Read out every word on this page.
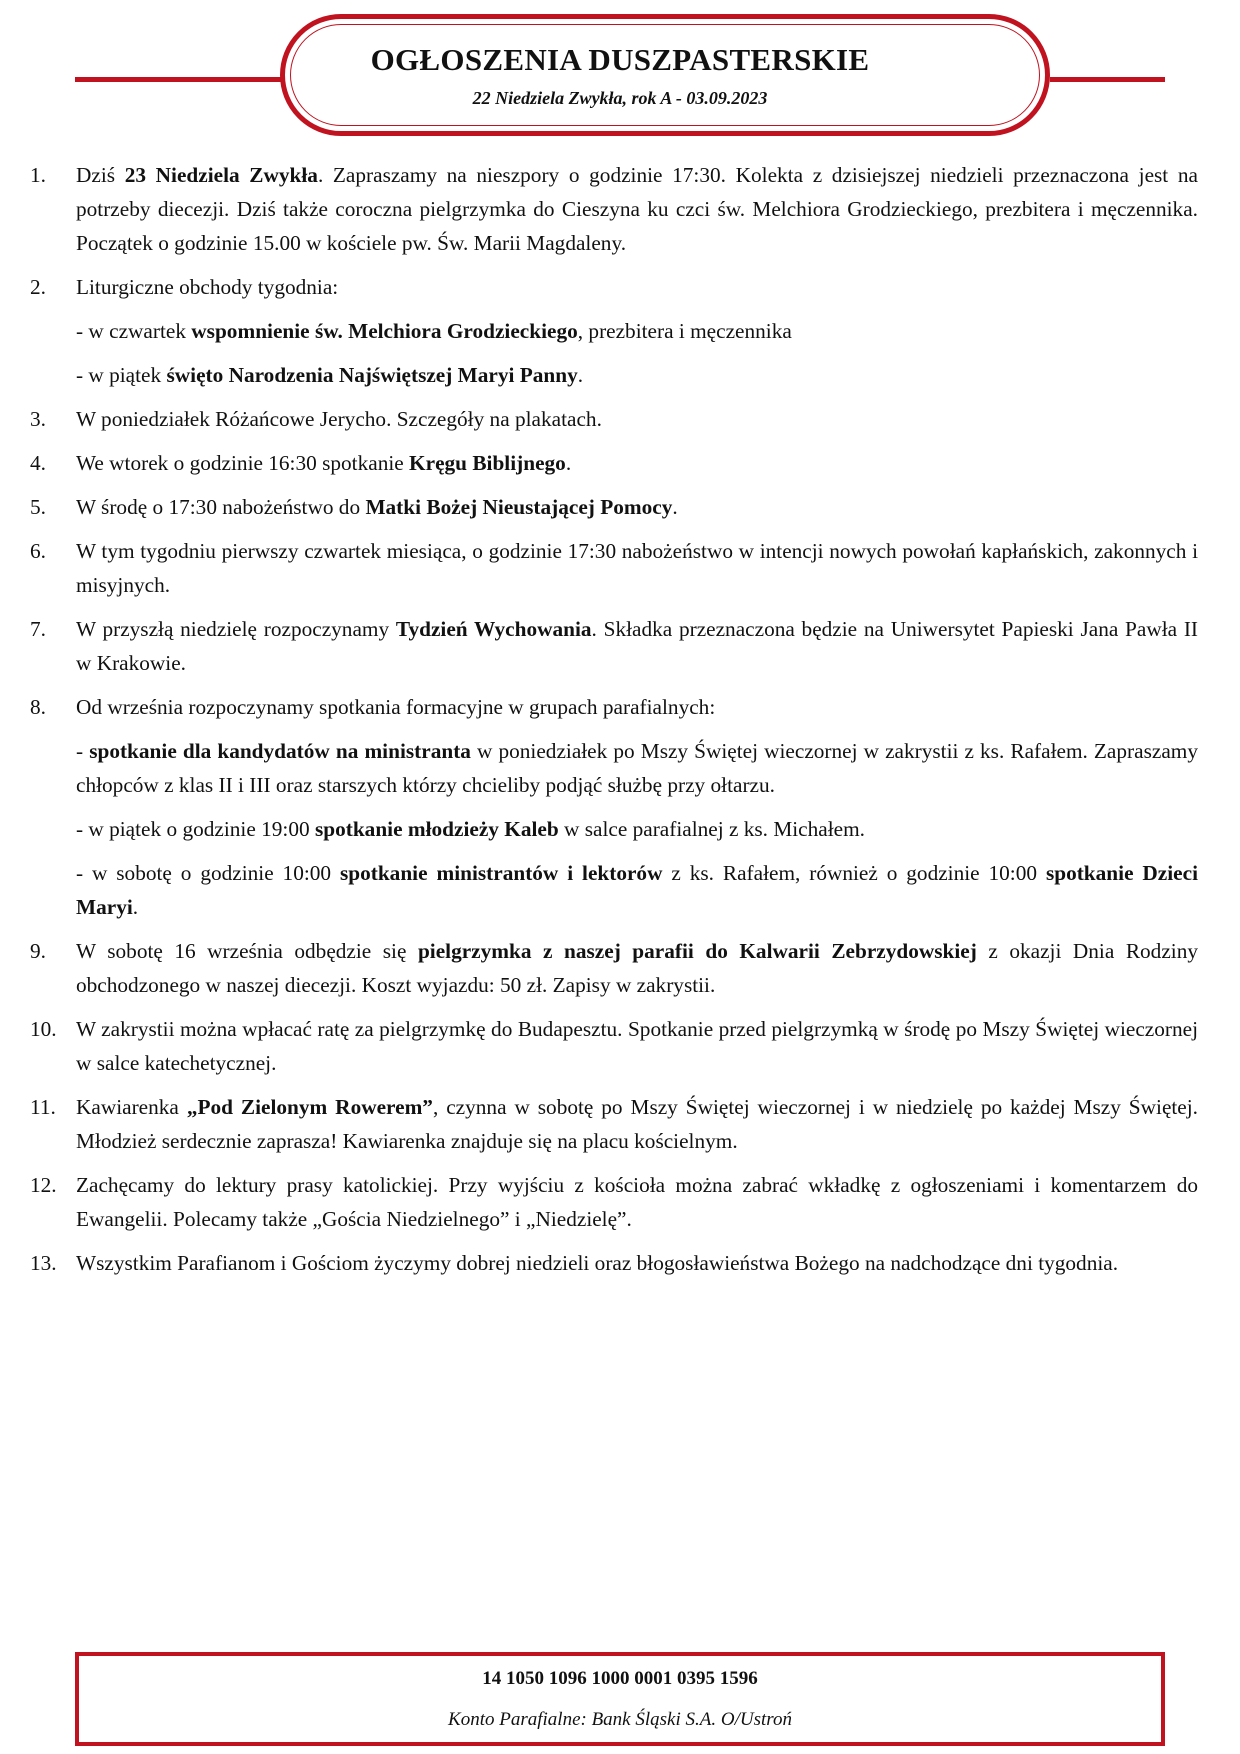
OGŁOSZENIA DUSZPASTERSKIE
22 Niedziela Zwykła, rok A - 03.09.2023
1.	Dziś 23 Niedziela Zwykła. Zapraszamy na nieszpory o godzinie 17:30. Kolekta z dzisiejszej niedzieli przeznaczona jest na potrzeby diecezji. Dziś także coroczna pielgrzymka do Cieszyna ku czci św. Melchiora Grodzieckiego, prezbitera i męczennika. Początek o godzinie 15.00 w kościele pw. Św. Marii Magdaleny.

2.	Liturgiczne obchody tygodnia:

- w czwartek wspomnienie św. Melchiora Grodzieckiego, prezbitera i męczennika

- w piątek święto Narodzenia Najświętszej Maryi Panny.

3.	W poniedziałek Różańcowe Jerycho. Szczegóły na plakatach.

4.	We wtorek o godzinie 16:30 spotkanie Kręgu Biblijnego.

5.	W środę o 17:30 nabożeństwo do Matki Bożej Nieustającej Pomocy.

6.	W tym tygodniu pierwszy czwartek miesiąca, o godzinie 17:30 nabożeństwo w intencji nowych powołań kapłańskich, zakonnych i misyjnych.

7.	W przyszłą niedzielę rozpoczynamy Tydzień Wychowania. Składka przeznaczona będzie na Uniwersytet Papieski Jana Pawła II w Krakowie.

8.	Od września rozpoczynamy spotkania formacyjne w grupach parafialnych:

- spotkanie dla kandydatów na ministranta w poniedziałek po Mszy Świętej wieczornej w zakrystii z ks. Rafałem. Zapraszamy chłopców z klas II i III oraz starszych którzy chcieliby podjąć służbę przy ołtarzu.

- w piątek o godzinie 19:00 spotkanie młodzieży Kaleb w salce parafialnej z ks. Michałem.

- w sobotę o godzinie 10:00 spotkanie ministrantów i lektorów z ks. Rafałem, również o godzinie 10:00 spotkanie Dzieci Maryi.

9.	W sobotę 16 września odbędzie się pielgrzymka z naszej parafii do Kalwarii Zebrzydowskiej z okazji Dnia Rodziny obchodzonego w naszej diecezji. Koszt wyjazdu: 50 zł. Zapisy w zakrystii.

10. W zakrystii można wpłacać ratę za pielgrzymkę do Budapesztu. Spotkanie przed pielgrzymką w środę po Mszy Świętej wieczornej w salce katechetycznej.

11. Kawiarenka „Pod Zielonym Rowerem”, czynna w sobotę po Mszy Świętej wieczornej i w niedzielę po każdej Mszy Świętej. Młodzież serdecznie zaprasza! Kawiarenka znajduje się na placu kościelnym.

12. Zachęcamy do lektury prasy katolickiej. Przy wyjściu z kościoła można zabrać wkładkę z ogłoszeniami i komentarzem do Ewangelii. Polecamy także „Gościa Niedzielnego” i „Niedzielę”.

13. Wszystkim Parafianom i Gościom życzymy dobrej niedzieli oraz błogosławieństwa Bożego na nadchodzące dni tygodnia.

14 1050 1096 1000 0001 0395 1596
Konto Parafialne: Bank Śląski S.A. O/Ustroń
